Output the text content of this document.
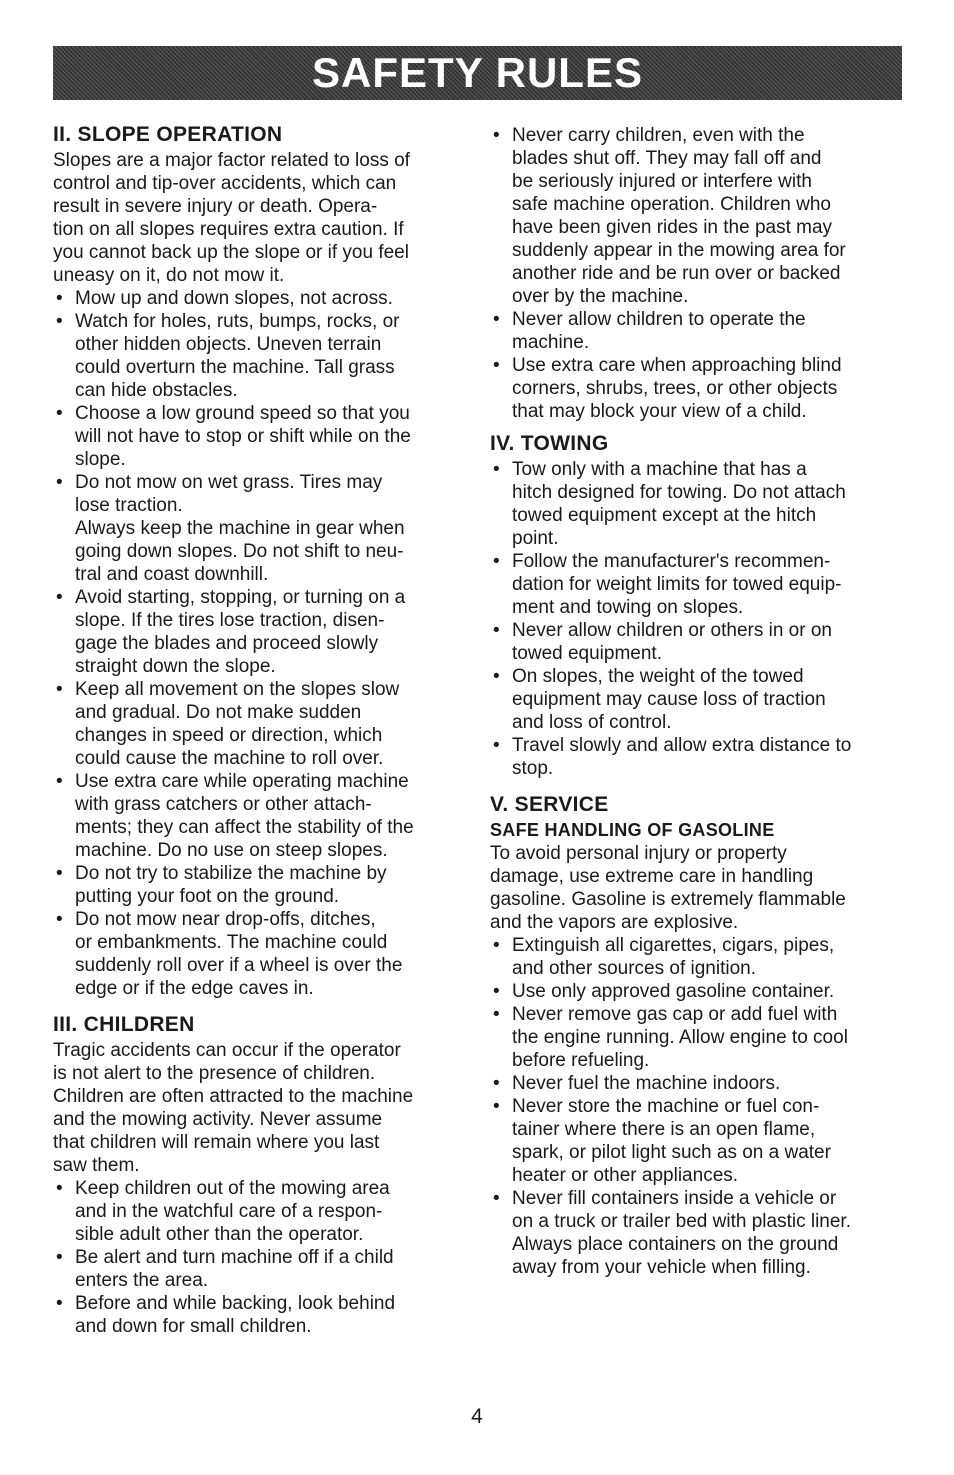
SAFETY RULES
II. SLOPE OPERATION
Slopes are a major factor related to loss of
control and tip-over accidents, which can
result in severe injury or death. Opera-
tion on all slopes requires extra caution. If
you cannot back up the slope or if you feel
uneasy on it, do not mow it.
• Mow up and down slopes, not across.
• Watch for holes, ruts, bumps, rocks, or
other hidden objects. Uneven terrain
could overturn the machine. Tall grass
can hide obstacles.
• Choose a low ground speed so that you
will not have to stop or shift while on the
slope.
• Do not mow on wet grass. Tires may
lose traction.
Always keep the machine in gear when
going down slopes. Do not shift to neu-
tral and coast downhill.
• Avoid starting, stopping, or turning on a
slope. If the tires lose traction, disen-
gage the blades and proceed slowly
straight down the slope.
• Keep all movement on the slopes slow
and gradual. Do not make sudden
changes in speed or direction, which
could cause the machine to roll over.
• Use extra care while operating machine
with grass catchers or other attach-
ments; they can affect the stability of the
machine. Do no use on steep slopes.
• Do not try to stabilize the machine by
putting your foot on the ground.
• Do not mow near drop-offs, ditches,
or embankments. The machine could
suddenly roll over if a wheel is over the
edge or if the edge caves in.
III. CHILDREN
Tragic accidents can occur if the operator
is not alert to the presence of children.
Children are often attracted to the machine
and the mowing activity. Never assume
that children will remain where you last
saw them.
• Keep children out of the mowing area
and in the watchful care of a respon-
sible adult other than the operator.
• Be alert and turn machine off if a child
enters the area.
• Before and while backing, look behind
and down for small children.
• Never carry children, even with the
blades shut off. They may fall off and
be seriously injured or interfere with
safe machine operation. Children who
have been given rides in the past may
suddenly appear in the mowing area for
another ride and be run over or backed
over by the machine.
• Never allow children to operate the
machine.
• Use extra care when approaching blind
corners, shrubs, trees, or other objects
that may block your view of a child.
IV. TOWING
• Tow only with a machine that has a
hitch designed for towing. Do not attach
towed equipment except at the hitch
point.
• Follow the manufacturer's recommen-
dation for weight limits for towed equip-
ment and towing on slopes.
• Never allow children or others in or on
towed equipment.
• On slopes, the weight of the towed
equipment may cause loss of traction
and loss of control.
• Travel slowly and allow extra distance to
stop.
V. SERVICE
SAFE HANDLING OF GASOLINE
To avoid personal injury or property
damage, use extreme care in handling
gasoline. Gasoline is extremely flammable
and the vapors are explosive.
• Extinguish all cigarettes, cigars, pipes,
and other sources of ignition.
• Use only approved gasoline container.
• Never remove gas cap or add fuel with
the engine running. Allow engine to cool
before refueling.
• Never fuel the machine indoors.
• Never store the machine or fuel con-
tainer where there is an open flame,
spark, or pilot light such as on a water
heater or other appliances.
• Never fill containers inside a vehicle or
on a truck or trailer bed with plastic liner.
Always place containers on the ground
away from your vehicle when filling.
4
